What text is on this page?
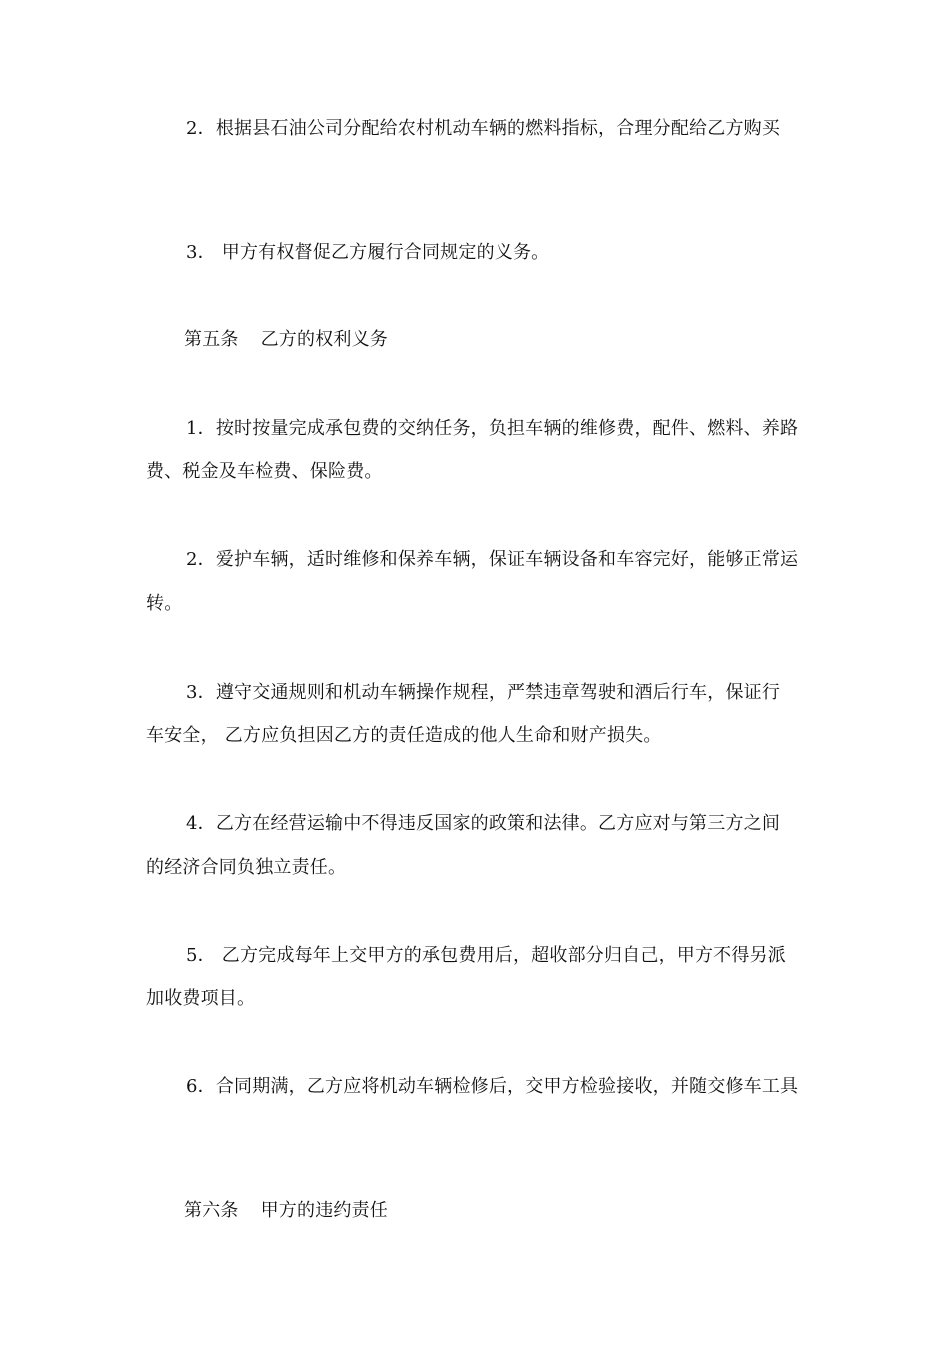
2．根据县石油公司分配给农村机动车辆的燃料指标，合理分配给乙方购买
3． 甲方有权督促乙方履行合同规定的义务。
第五条 乙方的权利义务
1．按时按量完成承包费的交纳任务，负担车辆的维修费，配件、燃料、养路
费、税金及车检费、保险费。
2．爱护车辆，适时维修和保养车辆，保证车辆设备和车容完好，能够正常运
转。
3．遵守交通规则和机动车辆操作规程，严禁违章驾驶和酒后行车，保证行
车安全， 乙方应负担因乙方的责任造成的他人生命和财产损失。
4．乙方在经营运输中不得违反国家的政策和法律。乙方应对与第三方之间
的经济合同负独立责任。
5． 乙方完成每年上交甲方的承包费用后，超收部分归自己，甲方不得另派
加收费项目。
6．合同期满，乙方应将机动车辆检修后，交甲方检验接收，并随交修车工具
第六条 甲方的违约责任
